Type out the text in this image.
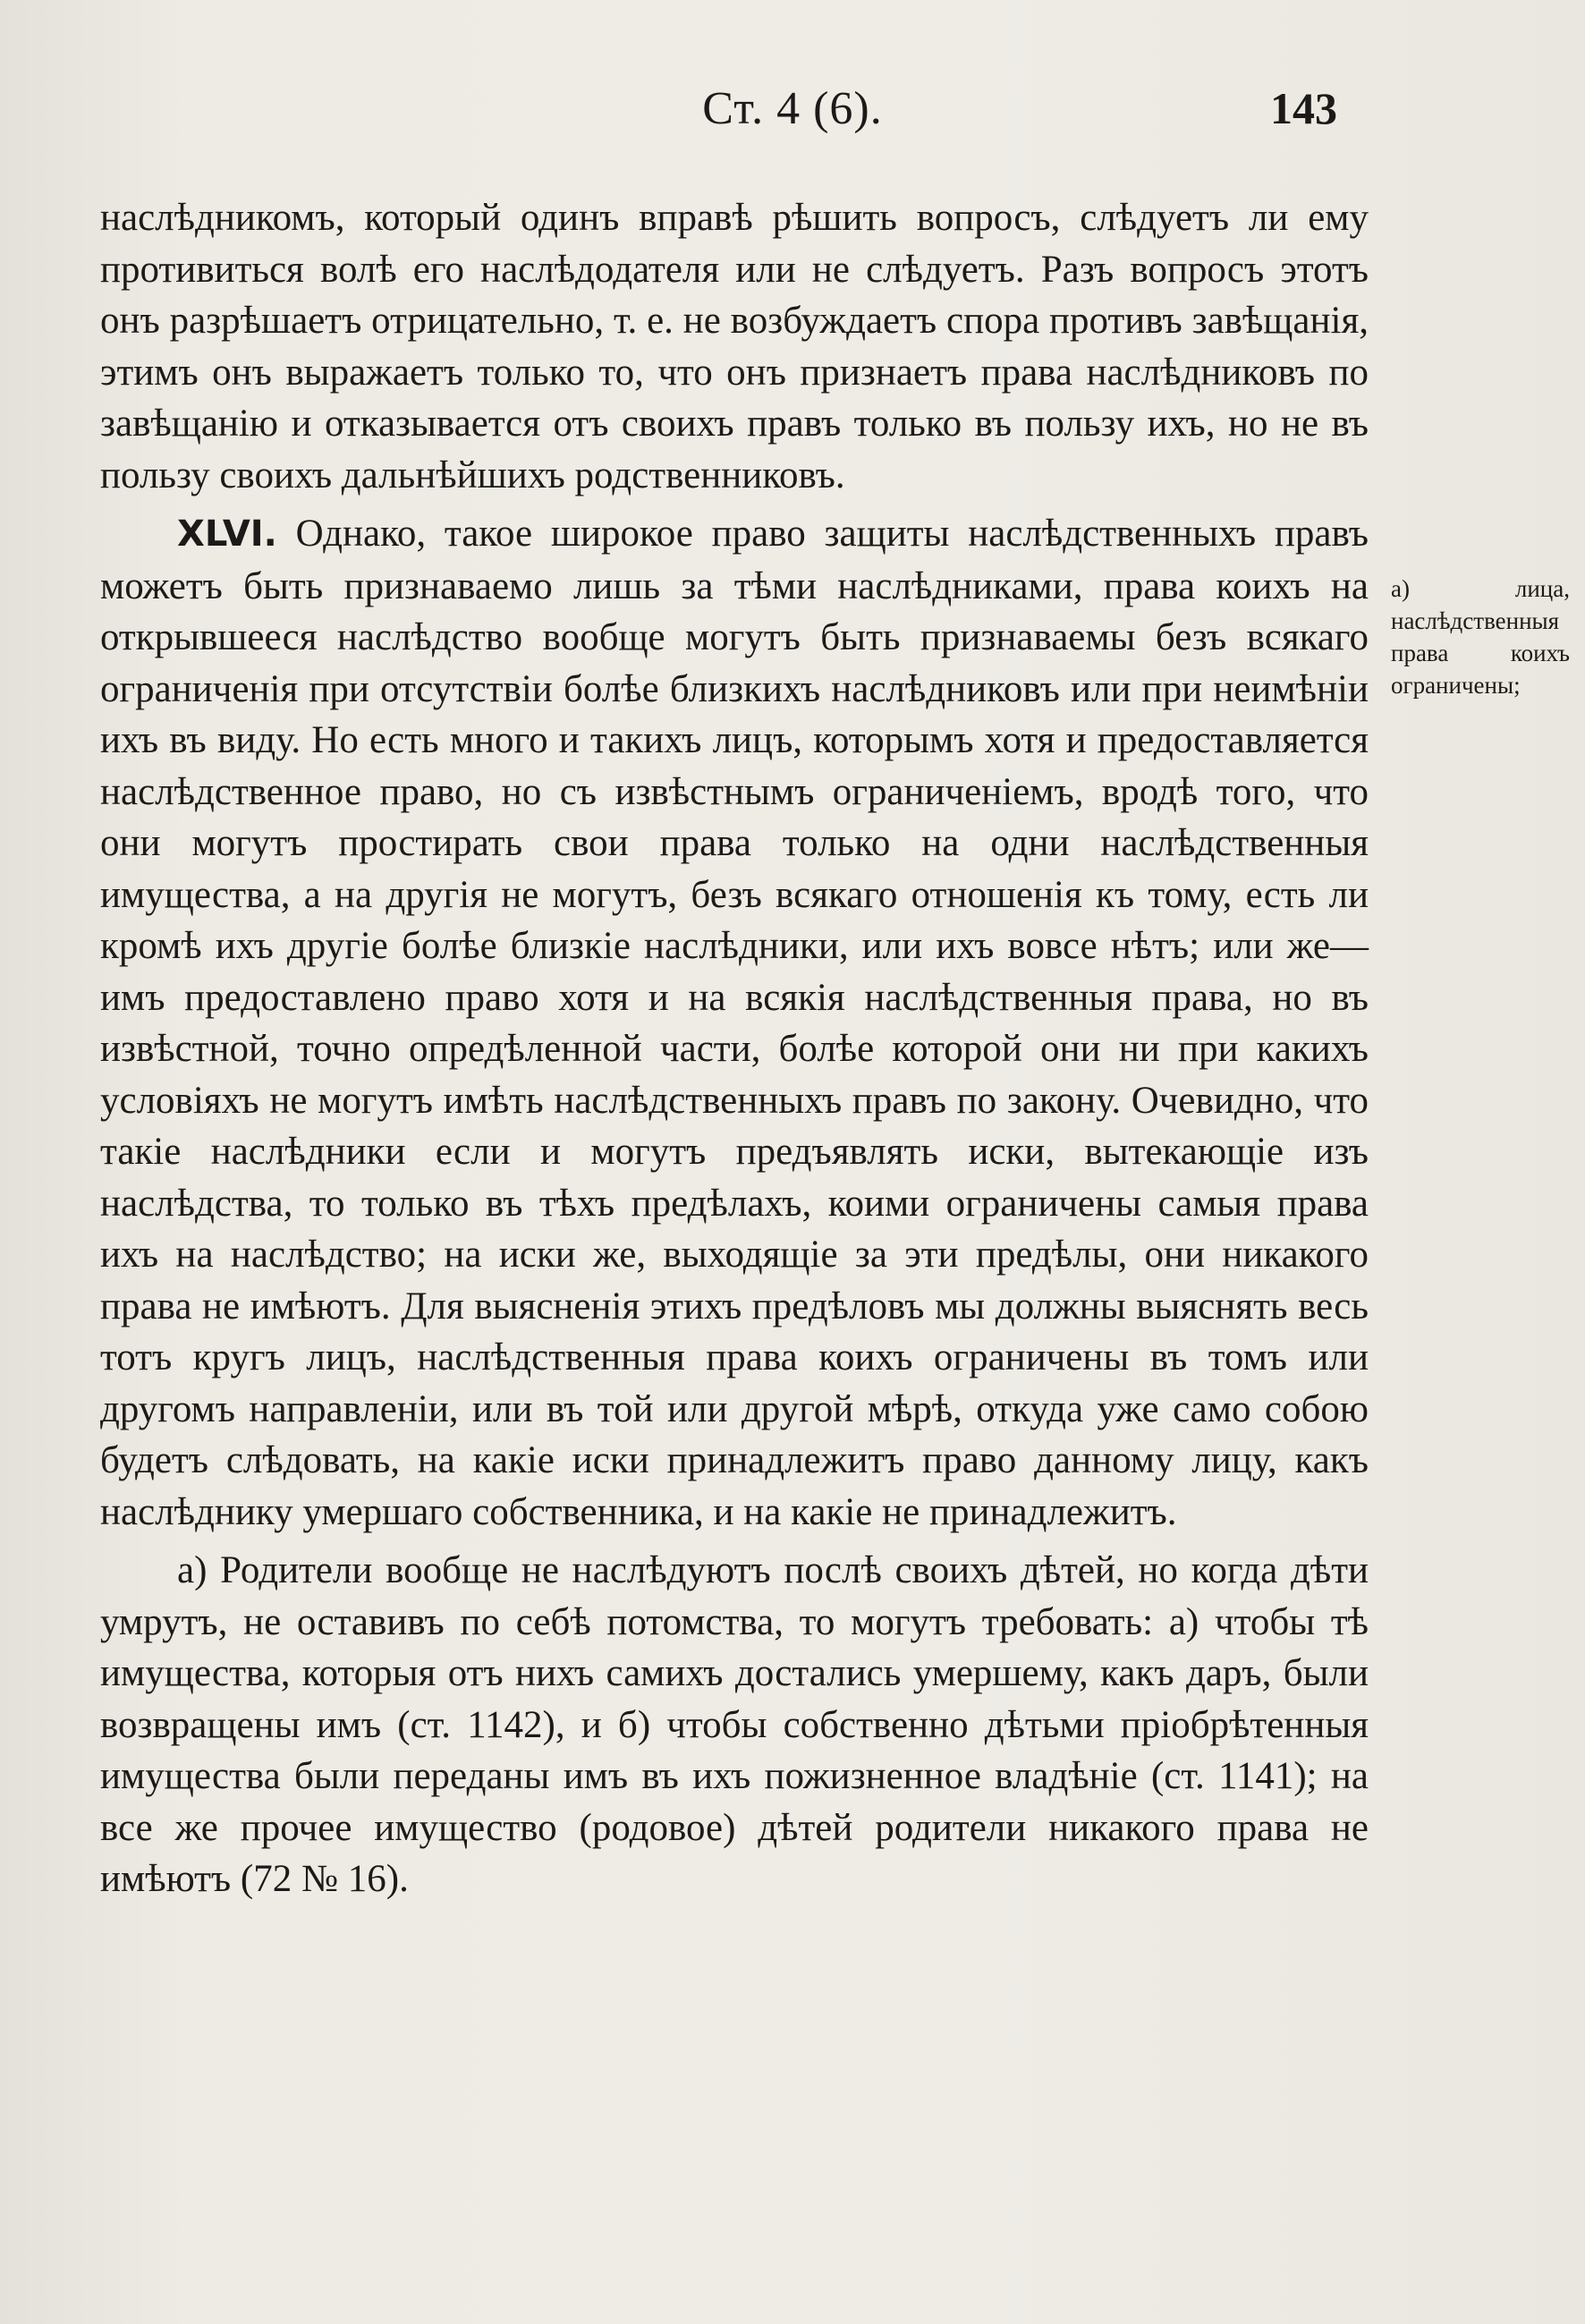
Ст. 4 (6).	143

наслѣдникомъ, который одинъ вправѣ рѣшить вопросъ, слѣдуетъ ли ему противиться волѣ его наслѣдодателя или не слѣдуетъ. Разъ вопросъ этотъ онъ разрѣшаетъ отрицательно, т. е. не возбуждаетъ спора противъ завѣщанія, этимъ онъ выражаетъ только то, что онъ признаетъ права наслѣдниковъ по завѣщанію и отказывается отъ своихъ правъ только въ пользу ихъ, но не въ пользу своихъ дальнѣйшихъ родственниковъ.

XLVI. Однако, такое широкое право защиты наслѣдственныхъ правъ можетъ быть признаваемо лишь за тѣми наслѣдниками, права коихъ на открывшееся наслѣдство вообще могутъ быть признаваемы безъ всякаго ограниченія при отсутствіи болѣе близкихъ наслѣдниковъ или при неимѣніи ихъ въ виду. Но есть много и такихъ лицъ, которымъ хотя и предоставляется наслѣдственное право, но съ извѣстнымъ ограниченіемъ, вродѣ того, что они могутъ простирать свои права только на одни наслѣдственныя имущества, а на другія не могутъ, безъ всякаго отношенія къ тому, есть ли кромѣ ихъ другіе болѣе близкіе наслѣдники, или ихъ вовсе нѣтъ; или же—имъ предоставлено право хотя и на всякія наслѣдственныя права, но въ извѣстной, точно опредѣленной части, болѣе которой они ни при какихъ условіяхъ не могутъ имѣть наслѣдственныхъ правъ по закону. Очевидно, что такіе наслѣдники если и могутъ предъявлять иски, вытекающіе изъ наслѣдства, то только въ тѣхъ предѣлахъ, коими ограничены самыя права ихъ на наслѣдство; на иски же, выходящіе за эти предѣлы, они никакого права не имѣютъ. Для выясненія этихъ предѣловъ мы должны выяснять весь тотъ кругъ лицъ, наслѣдственныя права коихъ ограничены въ томъ или другомъ направленіи, или въ той или другой мѣрѣ, откуда уже само собою будетъ слѣдовать, на какіе иски принадлежитъ право данному лицу, какъ наслѣднику умершаго собственника, и на какіе не принадлежитъ.

а) Родители вообще не наслѣдуютъ послѣ своихъ дѣтей, но когда дѣти умрутъ, не оставивъ по себѣ потомства, то могутъ требовать: а) чтобы тѣ имущества, которыя отъ нихъ самихъ достались умершему, какъ даръ, были возвращены имъ (ст. 1142), и б) чтобы собственно дѣтьми пріобрѣтенныя имущества были переданы имъ въ ихъ пожизненное владѣніе (ст. 1141); на все же прочее имущество (родовое) дѣтей родители никакого права не имѣютъ (72 № 16).

а) лица, наслѣдственныя права коихъ ограничены;
